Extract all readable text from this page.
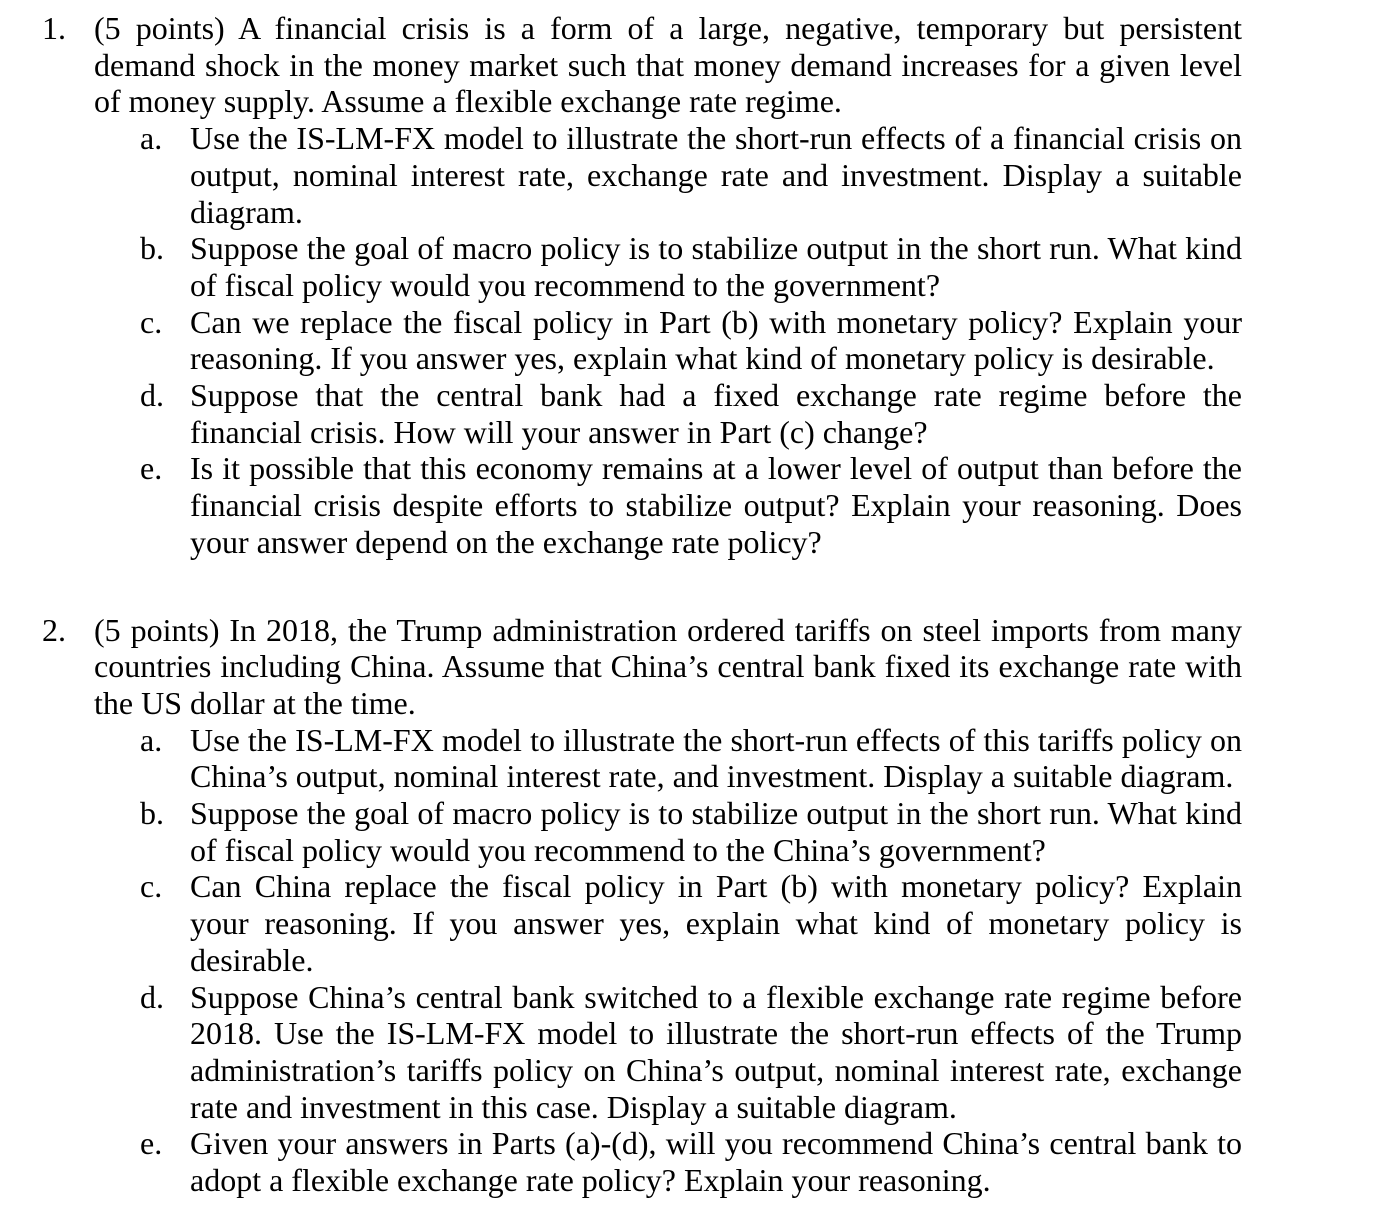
1. (5 points) A financial crisis is a form of a large, negative, temporary but persistent demand shock in the money market such that money demand increases for a given level of money supply. Assume a flexible exchange rate regime.
a. Use the IS-LM-FX model to illustrate the short-run effects of a financial crisis on output, nominal interest rate, exchange rate and investment. Display a suitable diagram.
b. Suppose the goal of macro policy is to stabilize output in the short run. What kind of fiscal policy would you recommend to the government?
c. Can we replace the fiscal policy in Part (b) with monetary policy? Explain your reasoning. If you answer yes, explain what kind of monetary policy is desirable.
d. Suppose that the central bank had a fixed exchange rate regime before the financial crisis. How will your answer in Part (c) change?
e. Is it possible that this economy remains at a lower level of output than before the financial crisis despite efforts to stabilize output? Explain your reasoning. Does your answer depend on the exchange rate policy?
2. (5 points) In 2018, the Trump administration ordered tariffs on steel imports from many countries including China. Assume that China’s central bank fixed its exchange rate with the US dollar at the time.
a. Use the IS-LM-FX model to illustrate the short-run effects of this tariffs policy on China’s output, nominal interest rate, and investment. Display a suitable diagram.
b. Suppose the goal of macro policy is to stabilize output in the short run. What kind of fiscal policy would you recommend to the China’s government?
c. Can China replace the fiscal policy in Part (b) with monetary policy? Explain your reasoning. If you answer yes, explain what kind of monetary policy is desirable.
d. Suppose China’s central bank switched to a flexible exchange rate regime before 2018. Use the IS-LM-FX model to illustrate the short-run effects of the Trump administration’s tariffs policy on China’s output, nominal interest rate, exchange rate and investment in this case. Display a suitable diagram.
e. Given your answers in Parts (a)-(d), will you recommend China’s central bank to adopt a flexible exchange rate policy? Explain your reasoning.
